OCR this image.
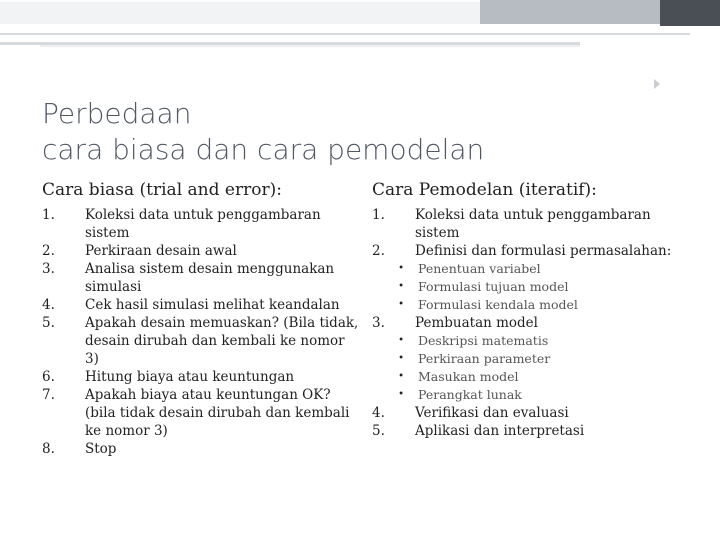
Perbedaan
cara biasa dan cara pemodelan
Cara biasa (trial and error):
1.	Koleksi data untuk penggambaran sistem
2.	Perkiraan desain awal
3.	Analisa sistem desain menggunakan simulasi
4.	Cek hasil simulasi melihat keandalan
5.	Apakah desain memuaskan? (Bila tidak, desain dirubah dan kembali ke nomor 3)
6.	Hitung biaya atau keuntungan
7.	Apakah biaya atau keuntungan OK? (bila tidak desain dirubah dan kembali ke nomor 3)
8.	Stop
Cara Pemodelan (iteratif):
1.	Koleksi data untuk penggambaran sistem
2.	Definisi dan formulasi permasalahan:
•	Penentuan variabel
•	Formulasi tujuan model
•	Formulasi kendala model
3.	Pembuatan model
•	Deskripsi matematis
•	Perkiraan parameter
•	Masukan model
•	Perangkat lunak
4.	Verifikasi dan evaluasi
5.	Aplikasi dan interpretasi
